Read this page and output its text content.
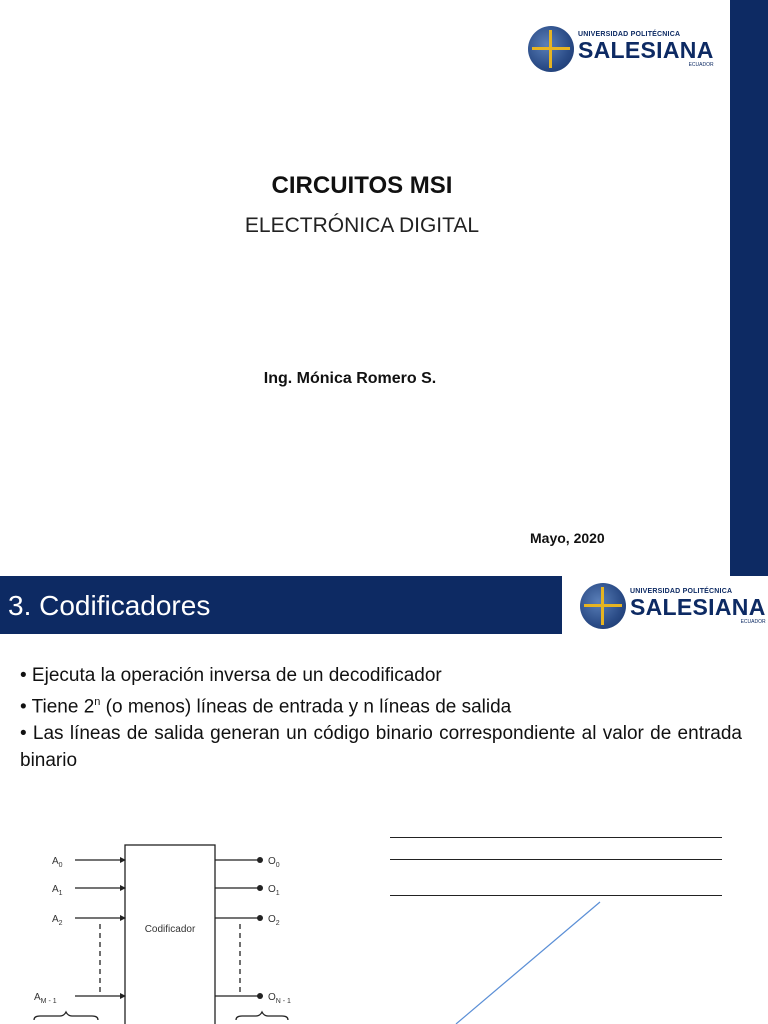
UNIVERSIDAD POLITÉCNICA
SALESIANA
ECUADOR
CIRCUITOS MSI
ELECTRÓNICA DIGITAL
Ing. Mónica Romero S.
Mayo, 2020
3. Codificadores	UNIVERSIDAD POLITÉCNICA
SALESIANA
ECUADOR
• Ejecuta la operación inversa de un decodificador
• Tiene 2$^n$ (o menos) líneas de entrada y n líneas de salida
• Las líneas de salida generan un código binario correspondiente al valor de entrada binario
Codificador
$A_0$
$A_1$
$A_2$
$A_{M - 1}$
$O_0$
$O_1$
$O_2$
$O_{N - 1}$
